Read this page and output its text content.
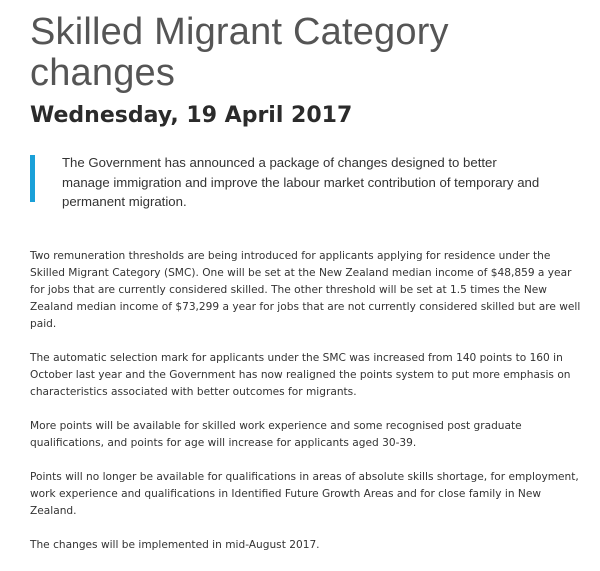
Skilled Migrant Category
changes
Wednesday, 19 April 2017

The Government has announced a package of changes designed to better manage immigration and improve the labour market contribution of temporary and permanent migration.

Two remuneration thresholds are being introduced for applicants applying for residence under the Skilled Migrant Category (SMC). One will be set at the New Zealand median income of $48,859 a year for jobs that are currently considered skilled. The other threshold will be set at 1.5 times the New Zealand median income of $73,299 a year for jobs that are not currently considered skilled but are well paid.

The automatic selection mark for applicants under the SMC was increased from 140 points to 160 in October last year and the Government has now realigned the points system to put more emphasis on characteristics associated with better outcomes for migrants.

More points will be available for skilled work experience and some recognised post graduate qualifications, and points for age will increase for applicants aged 30-39.

Points will no longer be available for qualifications in areas of absolute skills shortage, for employment, work experience and qualifications in Identified Future Growth Areas and for close family in New Zealand.

The changes will be implemented in mid-August 2017.
